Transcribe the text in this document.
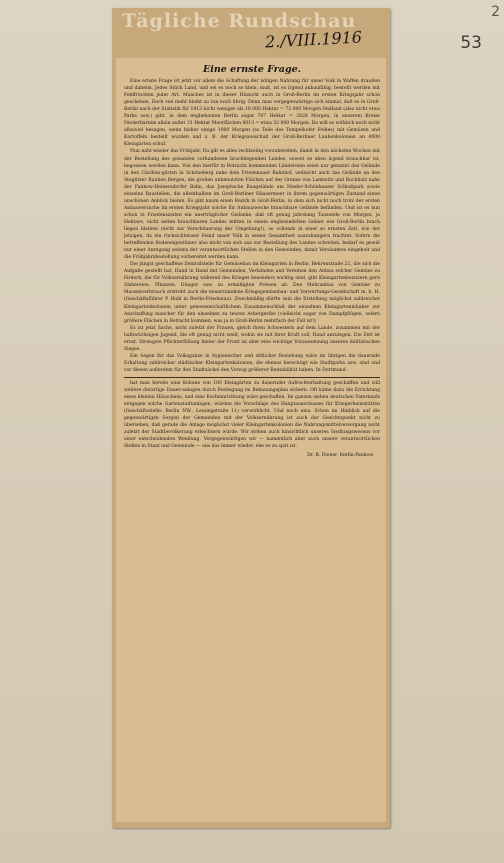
2
53
Tägliche Rundschau
2./VIII.1916
Eine ernste Frage.

Eine ernste Frage ist jetzt vor allem die Schaffung der nötigen Nahrung für unser Volk in Waffen draußen und daheim. Jedes Stück Land, und sei es noch so klein, muß, ist es irgend anbaufähig, bestellt werden mit Feldfrüchten jeder Art. Manches ist in dieser Hinsicht auch in Groß-Berlin im ersten Kriegsjahr schon geschehen. Doch viel mehr bleibt zu tun noch übrig. Denn man vergegenwärtige sich einmal, daß es in Groß-Berlin nach der Statistik für 1913 nicht weniger als 18 000 Hektar = 72 000 Morgen Oedland (also nicht etwa Parks usw.) gibt, in dem engbebauten Berlin sogar 707 Hektar = 2828 Morgen, in unserem Kreise Niederbarnim allein außer 31 Hektar Moorflächen 8013 = etwa 32 000 Morgen. Da will es wirklich noch nicht allzuviel besagen, wenn bisher einige 1000 Morgen (so Teile des Tempelhofer Feldes) mit Gemüsen und Kartoffeln bestellt wurden und z. B. der Kriegsausschuß der Groß-Berliner Laubenkolonien an 4000 Kleingärten schuf.

Nun naht wieder das Frühjahr. Da gilt es alles rechtzeitig vorzubereiten, damit in den nächsten Wochen mit der Bestellung des gesamten vorhandenen brachliegenden Landes, soweit es eben irgend brauchbar ist, begonnen werden kann. Von den hierfür in Betracht kommenden Ländereien seien nur genannt das Gelände in den Cäcilien-gärten in Schöneberg nahe dem Friedenauer Bahnhof, vielleicht auch das Gelände an den Steglitzer Rauhen Bergen, die großen unbenutzten Flächen auf der Grenze von Lankwitz und Buchholz nahe der Pankow-Heinersdorfer Bahn, das Josephsche Baugelände am Nieder-Schönhauser Schloßpark sowie einzelne Baustellen, die allenthalben im Groß-Berliner Häusermeer in ihrem gegenwärtigen Zustand einen unschönen Anblick bieten. Es gibt kaum einen Bezirk in Groß-Berlin, in dem sich nicht noch trotz der ersten Anbauversuche im ersten Kriegsjahr solche für Anbauzwecke brauchbare Gelände befänden. Und ist es nun schon in Friedenszeiten ein unerträglicher Gedanke, daß oft genug jahrelang Tausende von Morgen, ja Hektare, nicht selten brauchbaren Landes mitten in einem engbesiedelten Gebiet wie Groß-Berlin brach liegen bleiben (nicht zur Verschönerung der Umgebung!), so vollends in einer so ernsten Zeit, wie der jetzigen, da ein rücksichtsloser Feind unser Volk in seiner Gesamtheit auszuhungern trachtet. Sofern die betreffenden Bodeneigentümer also nicht von sich aus zur Bestellung des Landes schreiten, bedarf es gewiß nur einer Anregung seitens der verantwortlichen Stellen in den Gemeinden, damit Versäumtes eingeholt und die Frühjahrsbestellung vorbereitet werden kann.

Die jüngst geschaffene Zentralstelle für Gemüsebau im Kleingarten in Berlin, Behrenstraße 21, die sich die Aufgabe gestellt hat, Hand in Hand mit Gemeinden, Verbänden und Vereinen den Anbau solcher Gemüse zu fördern, die für Volksernährung während des Krieges besonders wichtig sind, gibt Kleingartenbesitzern gern Sämereien, Pflanzen, Dünger usw. zu ermäßigten Preisen ab. Den Mehranbau von Gemüse zu Massenverbrauch erstrebt auch die neuerstandene Kriegsgemüsebau- und Verwertungs-Gesellschaft m. b. H. (Geschäftsführer P. Buhl in Berlin-Friedenau). Zweckmäßig dürfte sein die Erstellung möglichst zahlreicher Kleingartenkolonien unter genossenschaftlichem Zusammenschluß der einzelnen Kleingarteninhaber zur Anschaffung mancher für den einzelnen zu teuren Ackergeräte (vielleicht sogar von Dampfpflügen, sofern größere Flächen in Betracht kommen, was ja in Groß-Berlin mehrfach der Fall ist!)

Es ist jetzt Sache, nicht zuletzt der Frauen, gleich ihren Schwestern auf dem Lande, zusammen mit der halbwüchsigen Jugend, die oft genug nicht weiß, wohin sie mit ihrer Kraft soll, Hand anzulegen. Die Zeit ist ernst. Strengste Pflichterfüllung hinter der Front ist aber eine wichtige Voraussetzung unseres militärischen Sieges.

Ein Segen für das Volksganze in hygienischer und sittlicher Beziehung wäre im übrigen die dauernde Erhaltung zahlreicher städtischer Kleingartenkolonien, die ebenso berechtigt wie Stadtparks usw. sind und vor diesen außerdem für den Stadtsäckel den Vorzug größerer Rentabilität haben. In Dortmund

hat man bereits eine Kolonie von 100 Kleingärten zu dauernder Aufrechterhaltung geschaffen und will weitere derartige Dauer-anlagen durch Festlegung im Bebauungsplan sichern. Oft käme dazu die Errichtung eines kleinen Häuschens, und eine Kocheinrichtung wäre geschaffen. Im ganzen sieben deutschen Vaterlands entgegen solche Gartenstadtanlagen, würden die Vorschläge des Hauptausschusses für Kriegerheimstätten (Geschäftsstelle: Berlin NW., Lessingstraße 11) verwirklicht. Und noch eins: Schon im Hinblick auf die gegenwärtigen Sorgen der Gemeinden mit der Volksernährung ist auch der Gesichtspunkt nicht zu übersehen, daß gerade die Anlage möglichst vieler Kleingartenkolonien die Nahrungsmittelversorgung nicht zuletzt der Stadtbevölkerung erleichtern würde. Wir stehen auch hinsichtlich unseres Siedlungswesens vor einer entscheidenden Wendung. Vergegenwärtigen wir — namentlich aber auch unsere verantwortlichen Stellen in Staat und Gemeinde — uns das immer wieder, ehe es zu spät ist.

Dr. R. Diener, Berlin-Pankow.
